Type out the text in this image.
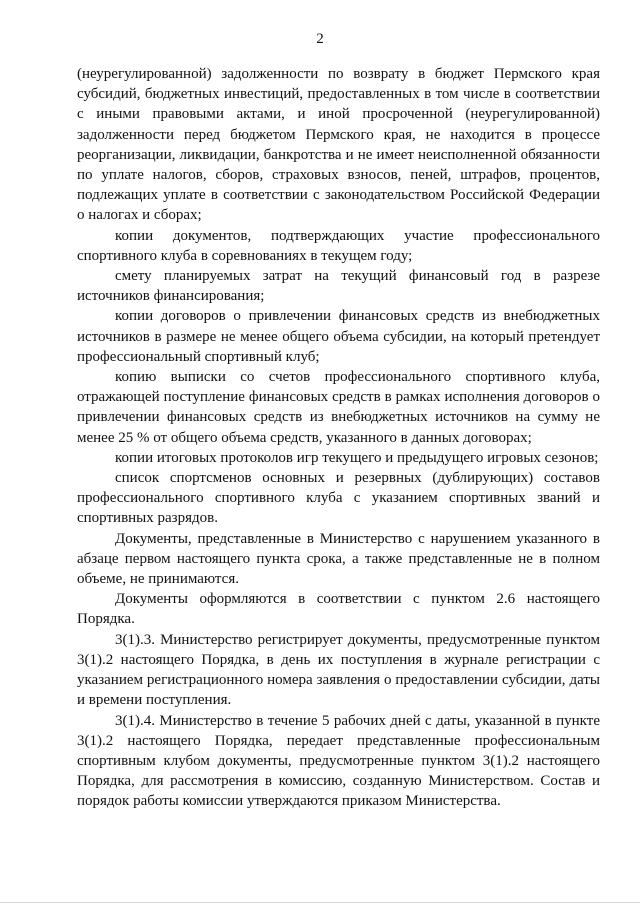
2

(неурегулированной) задолженности по возврату в бюджет Пермского края субсидий, бюджетных инвестиций, предоставленных в том числе в соответствии с иными правовыми актами, и иной просроченной (неурегулированной) задолженности перед бюджетом Пермского края, не находится в процессе реорганизации, ликвидации, банкротства и не имеет неисполненной обязанности по уплате налогов, сборов, страховых взносов, пеней, штрафов, процентов, подлежащих уплате в соответствии с законодательством Российской Федерации о налогах и сборах;

копии документов, подтверждающих участие профессионального спортивного клуба в соревнованиях в текущем году;

смету планируемых затрат на текущий финансовый год в разрезе источников финансирования;

копии договоров о привлечении финансовых средств из внебюджетных источников в размере не менее общего объема субсидии, на который претендует профессиональный спортивный клуб;

копию выписки со счетов профессионального спортивного клуба, отражающей поступление финансовых средств в рамках исполнения договоров о привлечении финансовых средств из внебюджетных источников на сумму не менее 25 % от общего объема средств, указанного в данных договорах;

копии итоговых протоколов игр текущего и предыдущего игровых сезонов;

список спортсменов основных и резервных (дублирующих) составов профессионального спортивного клуба с указанием спортивных званий и спортивных разрядов.

Документы, представленные в Министерство с нарушением указанного в абзаце первом настоящего пункта срока, а также представленные не в полном объеме, не принимаются.

Документы оформляются в соответствии с пунктом 2.6 настоящего Порядка.

3(1).3. Министерство регистрирует документы, предусмотренные пунктом 3(1).2 настоящего Порядка, в день их поступления в журнале регистрации с указанием регистрационного номера заявления о предоставлении субсидии, даты и времени поступления.

3(1).4. Министерство в течение 5 рабочих дней с даты, указанной в пункте 3(1).2 настоящего Порядка, передает представленные профессиональным спортивным клубом документы, предусмотренные пунктом 3(1).2 настоящего Порядка, для рассмотрения в комиссию, созданную Министерством. Состав и порядок работы комиссии утверждаются приказом Министерства.
